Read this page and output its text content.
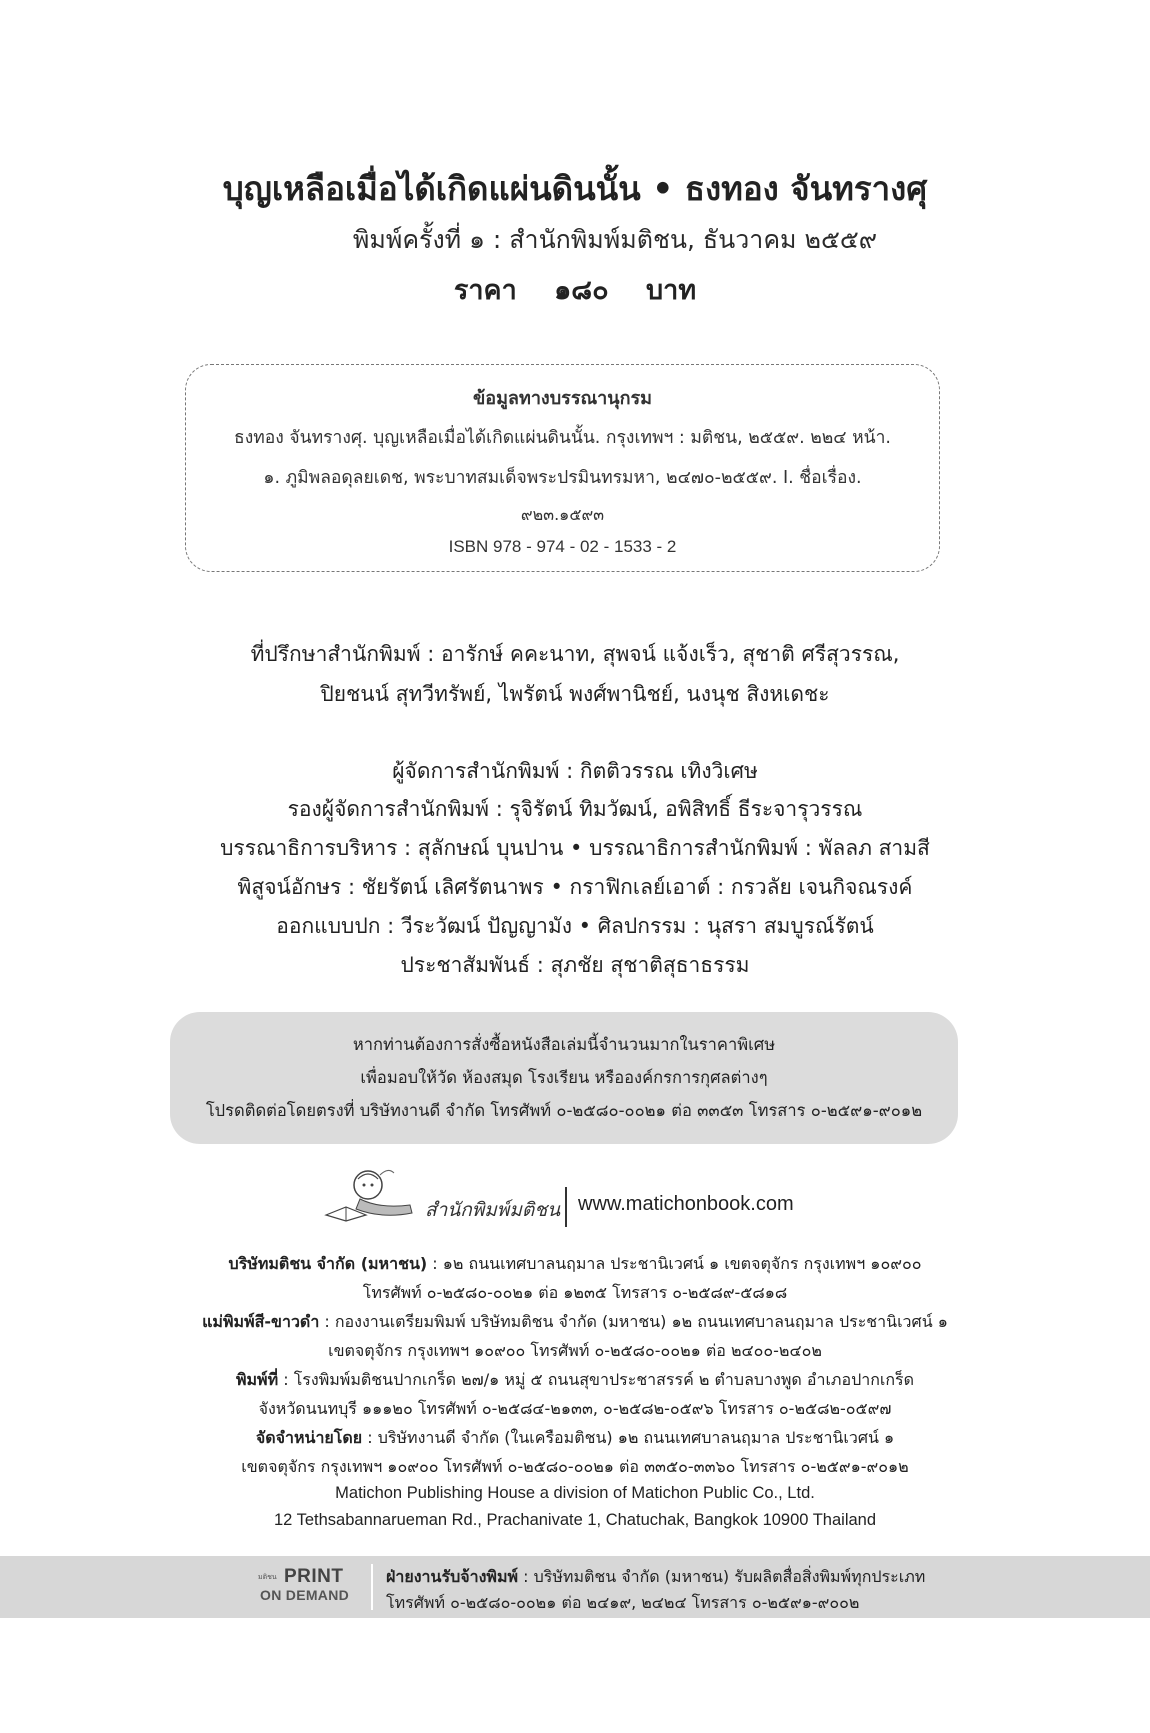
บุญเหลือเมื่อได้เกิดแผ่นดินนั้น • ธงทอง จันทรางศุ
พิมพ์ครั้งที่ ๑ : สำนักพิมพ์มติชน, ธันวาคม ๒๕๕๙
ราคา ๑๘๐ บาท
ข้อมูลทางบรรณานุกรม
ธงทอง จันทรางศุ. บุญเหลือเมื่อได้เกิดแผ่นดินนั้น. กรุงเทพฯ : มติชน, ๒๕๕๙. ๒๒๔ หน้า.
๑. ภูมิพลอดุลยเดช, พระบาทสมเด็จพระปรมินทรมหา, ๒๔๗๐-๒๕๕๙. I. ชื่อเรื่อง.
๙๒๓.๑๕๙๓
ISBN 978 - 974 - 02 - 1533 - 2
ที่ปรึกษาสำนักพิมพ์ : อารักษ์ คคะนาท, สุพจน์ แจ้งเร็ว, สุชาติ ศรีสุวรรณ,
ปิยชนน์ สุทวีทรัพย์, ไพรัตน์ พงศ์พานิชย์, นงนุช สิงหเดชะ
ผู้จัดการสำนักพิมพ์ : กิตติวรรณ เทิงวิเศษ
รองผู้จัดการสำนักพิมพ์ : รุจิรัตน์ ทิมวัฒน์, อพิสิทธิ์ ธีระจารุวรรณ
บรรณาธิการบริหาร : สุลักษณ์ บุนปาน • บรรณาธิการสำนักพิมพ์ : พัลลภ สามสี
พิสูจน์อักษร : ชัยรัตน์ เลิศรัตนาพร • กราฟิกเลย์เอาต์ : กรวลัย เจนกิจณรงค์
ออกแบบปก : วีระวัฒน์ ปัญญามัง • ศิลปกรรม : นุสรา สมบูรณ์รัตน์
ประชาสัมพันธ์ : สุภชัย สุชาติสุธาธรรม
หากท่านต้องการสั่งซื้อหนังสือเล่มนี้จำนวนมากในราคาพิเศษ
เพื่อมอบให้วัด ห้องสมุด โรงเรียน หรือองค์กรการกุศลต่างๆ
โปรดติดต่อโดยตรงที่ บริษัทงานดี จำกัด โทรศัพท์ ๐-๒๕๘๐-๐๐๒๑ ต่อ ๓๓๕๓ โทรสาร ๐-๒๕๙๑-๙๐๑๒
สำนักพิมพ์มติชน www.matichonbook.com
บริษัทมติชน จำกัด (มหาชน) : ๑๒ ถนนเทศบาลนฤมาล ประชานิเวศน์ ๑ เขตจตุจักร กรุงเทพฯ ๑๐๙๐๐
โทรศัพท์ ๐-๒๕๘๐-๐๐๒๑ ต่อ ๑๒๓๕ โทรสาร ๐-๒๕๘๙-๕๘๑๘
แม่พิมพ์สี-ขาวดำ : กองงานเตรียมพิมพ์ บริษัทมติชน จำกัด (มหาชน) ๑๒ ถนนเทศบาลนฤมาล ประชานิเวศน์ ๑
เขตจตุจักร กรุงเทพฯ ๑๐๙๐๐ โทรศัพท์ ๐-๒๕๘๐-๐๐๒๑ ต่อ ๒๔๐๐-๒๔๐๒
พิมพ์ที่ : โรงพิมพ์มติชนปากเกร็ด ๒๗/๑ หมู่ ๕ ถนนสุขาประชาสรรค์ ๒ ตำบลบางพูด อำเภอปากเกร็ด
จังหวัดนนทบุรี ๑๑๑๒๐ โทรศัพท์ ๐-๒๕๘๔-๒๑๓๓, ๐-๒๕๘๒-๐๕๙๖ โทรสาร ๐-๒๕๘๒-๐๕๙๗
จัดจำหน่ายโดย : บริษัทงานดี จำกัด (ในเครือมติชน) ๑๒ ถนนเทศบาลนฤมาล ประชานิเวศน์ ๑
เขตจตุจักร กรุงเทพฯ ๑๐๙๐๐ โทรศัพท์ ๐-๒๕๘๐-๐๐๒๑ ต่อ ๓๓๕๐-๓๓๖๐ โทรสาร ๐-๒๕๙๑-๙๐๑๒
Matichon Publishing House a division of Matichon Public Co., Ltd.
12 Tethsabannarueman Rd., Prachanivate 1, Chatuchak, Bangkok 10900 Thailand
มติชน PRINT
ON DEMAND
ฝ่ายงานรับจ้างพิมพ์ : บริษัทมติชน จำกัด (มหาชน) รับผลิตสื่อสิ่งพิมพ์ทุกประเภท
โทรศัพท์ ๐-๒๕๘๐-๐๐๒๑ ต่อ ๒๔๑๙, ๒๔๒๔ โทรสาร ๐-๒๕๙๑-๙๐๐๒
